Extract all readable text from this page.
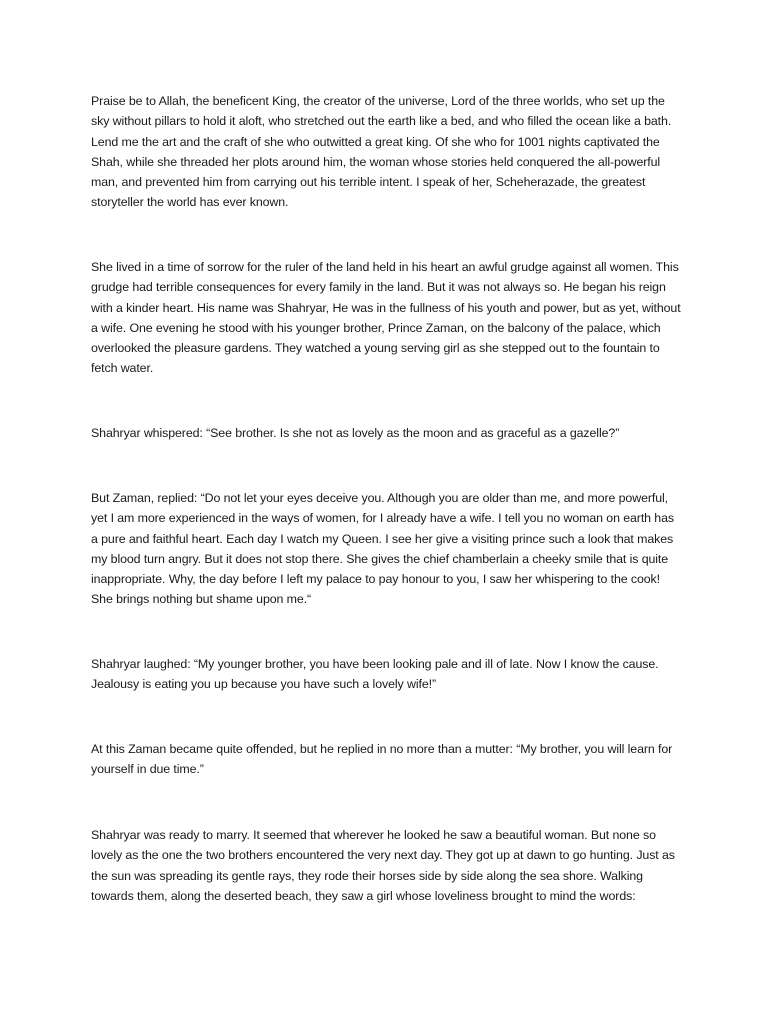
Praise be to Allah, the beneficent King, the creator of the universe, Lord of the three worlds, who set up the sky without pillars to hold it aloft, who stretched out the earth like a bed, and who filled the ocean like a bath. Lend me the art and the craft of she who outwitted a great king. Of she who for 1001 nights captivated the Shah, while she threaded her plots around him, the woman whose stories held conquered the all-powerful man, and prevented him from carrying out his terrible intent. I speak of her, Scheherazade, the greatest storyteller the world has ever known.

She lived in a time of sorrow for the ruler of the land held in his heart an awful grudge against all women. This grudge had terrible consequences for every family in the land. But it was not always so. He began his reign with a kinder heart. His name was Shahryar, He was in the fullness of his youth and power, but as yet, without a wife. One evening he stood with his younger brother, Prince Zaman, on the balcony of the palace, which overlooked the pleasure gardens. They watched a young serving girl as she stepped out to the fountain to fetch water.

Shahryar whispered: “See brother. Is she not as lovely as the moon and as graceful as a gazelle?”

But Zaman, replied: “Do not let your eyes deceive you. Although you are older than me, and more powerful, yet I am more experienced in the ways of women, for I already have a wife. I tell you no woman on earth has a pure and faithful heart. Each day I watch my Queen. I see her give a visiting prince such a look that makes my blood turn angry. But it does not stop there. She gives the chief chamberlain a cheeky smile that is quite inappropriate. Why, the day before I left my palace to pay honour to you, I saw her whispering to the cook! She brings nothing but shame upon me.“

Shahryar laughed: “My younger brother, you have been looking pale and ill of late. Now I know the cause. Jealousy is eating you up because you have such a lovely wife!”

At this Zaman became quite offended, but he replied in no more than a mutter: “My brother, you will learn for yourself in due time.”

Shahryar was ready to marry. It seemed that wherever he looked he saw a beautiful woman. But none so lovely as the one the two brothers encountered the very next day. They got up at dawn to go hunting. Just as the sun was spreading its gentle rays, they rode their horses side by side along the sea shore. Walking towards them, along the deserted beach, they saw a girl whose loveliness brought to mind the words:
